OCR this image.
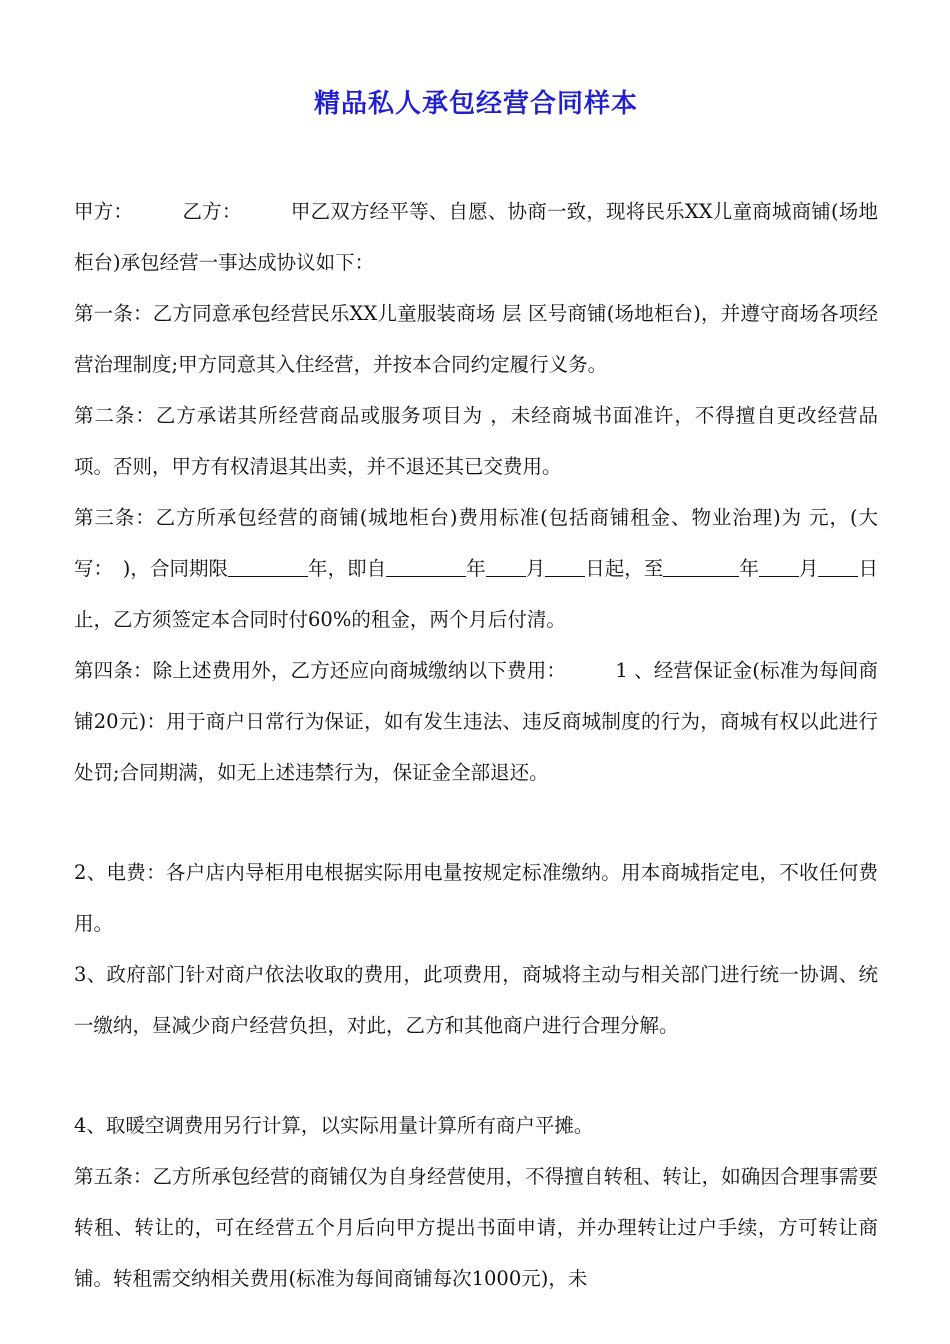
精品私人承包经营合同样本

甲方：　　　乙方：　　　甲乙双方经平等、自愿、协商一致，现将民乐XX儿童商城商铺(场地柜台)承包经营一事达成协议如下：

第一条：乙方同意承包经营民乐XX儿童服装商场 层 区号商铺(场地柜台)，并遵守商场各项经营治理制度;甲方同意其入住经营，并按本合同约定履行义务。

第二条：乙方承诺其所经营商品或服务项目为 ，未经商城书面准许，不得擅自更改经营品项。否则，甲方有权清退其出卖，并不退还其已交费用。

第三条：乙方所承包经营的商铺(城地柜台)费用标准(包括商铺租金、物业治理)为 元，(大写：　)，合同期限	年，即自	年 月 日起，至	年 月 日止，乙方须签定本合同时付60%的租金，两个月后付清。

第四条：除上述费用外，乙方还应向商城缴纳以下费用：　　　1 、经营保证金(标准为每间商铺20元)：用于商户日常行为保证，如有发生违法、违反商城制度的行为，商城有权以此进行处罚;合同期满，如无上述违禁行为，保证金全部退还。

2、电费：各户店内导柜用电根据实际用电量按规定标准缴纳。用本商城指定电，不收任何费用。

3、政府部门针对商户依法收取的费用，此项费用，商城将主动与相关部门进行统一协调、统一缴纳，昼减少商户经营负担，对此，乙方和其他商户进行合理分解。

4、取暖空调费用另行计算，以实际用量计算所有商户平摊。

第五条：乙方所承包经营的商铺仅为自身经营使用，不得擅自转租、转让，如确因合理事需要转租、转让的，可在经营五个月后向甲方提出书面申请，并办理转让过户手续，方可转让商铺。转租需交纳相关费用(标准为每间商铺每次1000元)，未
